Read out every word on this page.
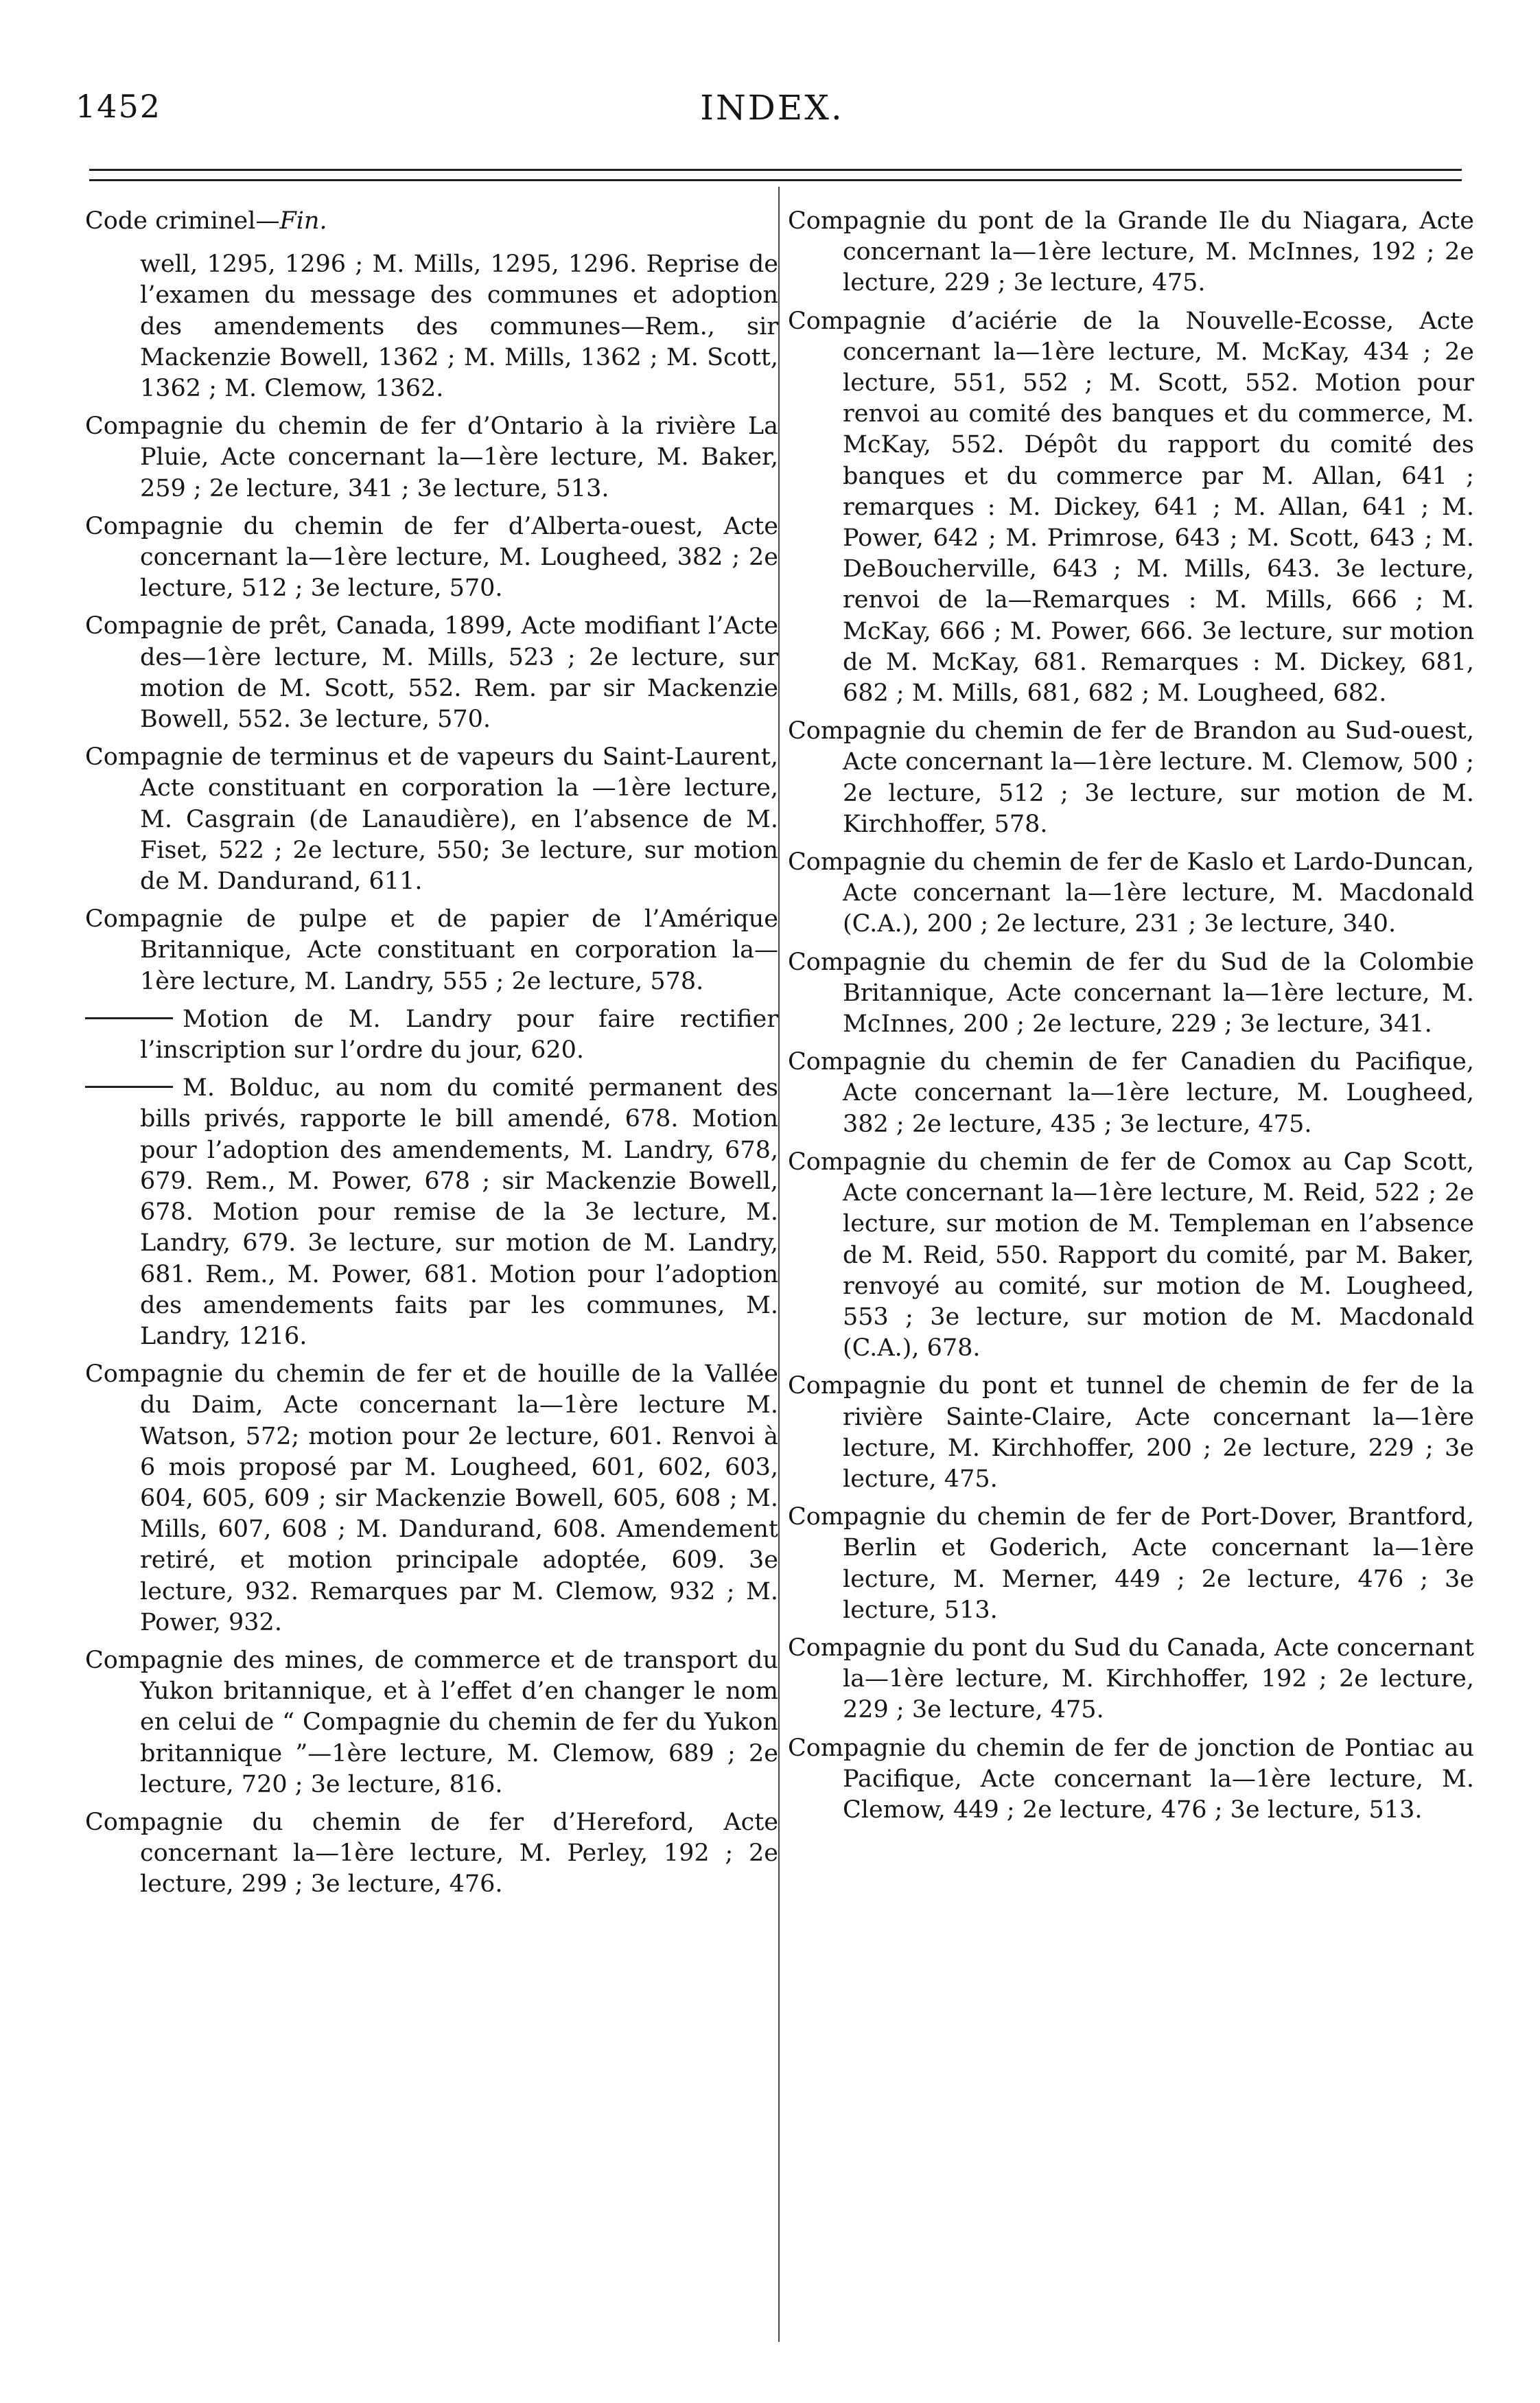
1452	INDEX.
Code criminel—Fin.

well, 1295, 1296 ; M. Mills, 1295, 1296. Reprise de l’examen du message des communes et adoption des amendements des communes—Rem., sir Mackenzie Bowell, 1362 ; M. Mills, 1362 ; M. Scott, 1362 ; M. Clemow, 1362.

Compagnie du chemin de fer d’Ontario à la rivière La Pluie, Acte concernant la—1ère lecture, M. Baker, 259 ; 2e lecture, 341 ; 3e lecture, 513.

Compagnie du chemin de fer d’Alberta-ouest, Acte concernant la—1ère lecture, M. Lougheed, 382 ; 2e lecture, 512 ; 3e lecture, 570.

Compagnie de prêt, Canada, 1899, Acte modifiant l’Acte des—1ère lecture, M. Mills, 523 ; 2e lecture, sur motion de M. Scott, 552. Rem. par sir Mackenzie Bowell, 552. 3e lecture, 570.

Compagnie de terminus et de vapeurs du Saint-Laurent, Acte constituant en corporation la —1ère lecture, M. Casgrain (de Lanaudière), en l’absence de M. Fiset, 522 ; 2e lecture, 550; 3e lecture, sur motion de M. Dandurand, 611.

Compagnie de pulpe et de papier de l’Amérique Britannique, Acte constituant en corporation la—1ère lecture, M. Landry, 555 ; 2e lecture, 578.

Motion de M. Landry pour faire rectifier l’inscription sur l’ordre du jour, 620.

M. Bolduc, au nom du comité permanent des bills privés, rapporte le bill amendé, 678. Motion pour l’adoption des amendements, M. Landry, 678, 679. Rem., M. Power, 678 ; sir Mackenzie Bowell, 678. Motion pour remise de la 3e lecture, M. Landry, 679. 3e lecture, sur motion de M. Landry, 681. Rem., M. Power, 681. Motion pour l’adoption des amendements faits par les communes, M. Landry, 1216.

Compagnie du chemin de fer et de houille de la Vallée du Daim, Acte concernant la—1ère lecture M. Watson, 572; motion pour 2e lecture, 601. Renvoi à 6 mois proposé par M. Lougheed, 601, 602, 603, 604, 605, 609 ; sir Mackenzie Bowell, 605, 608 ; M. Mills, 607, 608 ; M. Dandurand, 608. Amendement retiré, et motion principale adoptée, 609. 3e lecture, 932. Remarques par M. Clemow, 932 ; M. Power, 932.

Compagnie des mines, de commerce et de transport du Yukon britannique, et à l’effet d’en changer le nom en celui de “ Compagnie du chemin de fer du Yukon britannique ”—1ère lecture, M. Clemow, 689 ; 2e lecture, 720 ; 3e lecture, 816.

Compagnie du chemin de fer d’Hereford, Acte concernant la—1ère lecture, M. Perley, 192 ; 2e lecture, 299 ; 3e lecture, 476.

Compagnie du pont de la Grande Ile du Niagara, Acte concernant la—1ère lecture, M. McInnes, 192 ; 2e lecture, 229 ; 3e lecture, 475.

Compagnie d’aciérie de la Nouvelle-Ecosse, Acte concernant la—1ère lecture, M. McKay, 434 ; 2e lecture, 551, 552 ; M. Scott, 552. Motion pour renvoi au comité des banques et du commerce, M. McKay, 552. Dépôt du rapport du comité des banques et du commerce par M. Allan, 641 ; remarques : M. Dickey, 641 ; M. Allan, 641 ; M. Power, 642 ; M. Primrose, 643 ; M. Scott, 643 ; M. DeBoucherville, 643 ; M. Mills, 643. 3e lecture, renvoi de la—Remarques : M. Mills, 666 ; M. McKay, 666 ; M. Power, 666. 3e lecture, sur motion de M. McKay, 681. Remarques : M. Dickey, 681, 682 ; M. Mills, 681, 682 ; M. Lougheed, 682.

Compagnie du chemin de fer de Brandon au Sud-ouest, Acte concernant la—1ère lecture. M. Clemow, 500 ; 2e lecture, 512 ; 3e lecture, sur motion de M. Kirchhoffer, 578.

Compagnie du chemin de fer de Kaslo et Lardo-Duncan, Acte concernant la—1ère lecture, M. Macdonald (C.A.), 200 ; 2e lecture, 231 ; 3e lecture, 340.

Compagnie du chemin de fer du Sud de la Colombie Britannique, Acte concernant la—1ère lecture, M. McInnes, 200 ; 2e lecture, 229 ; 3e lecture, 341.

Compagnie du chemin de fer Canadien du Pacifique, Acte concernant la—1ère lecture, M. Lougheed, 382 ; 2e lecture, 435 ; 3e lecture, 475.

Compagnie du chemin de fer de Comox au Cap Scott, Acte concernant la—1ère lecture, M. Reid, 522 ; 2e lecture, sur motion de M. Templeman en l’absence de M. Reid, 550. Rapport du comité, par M. Baker, renvoyé au comité, sur motion de M. Lougheed, 553 ; 3e lecture, sur motion de M. Macdonald (C.A.), 678.

Compagnie du pont et tunnel de chemin de fer de la rivière Sainte-Claire, Acte concernant la—1ère lecture, M. Kirchhoffer, 200 ; 2e lecture, 229 ; 3e lecture, 475.

Compagnie du chemin de fer de Port-Dover, Brantford, Berlin et Goderich, Acte concernant la—1ère lecture, M. Merner, 449 ; 2e lecture, 476 ; 3e lecture, 513.

Compagnie du pont du Sud du Canada, Acte concernant la—1ère lecture, M. Kirchhoffer, 192 ; 2e lecture, 229 ; 3e lecture, 475.

Compagnie du chemin de fer de jonction de Pontiac au Pacifique, Acte concernant la—1ère lecture, M. Clemow, 449 ; 2e lecture, 476 ; 3e lecture, 513.
